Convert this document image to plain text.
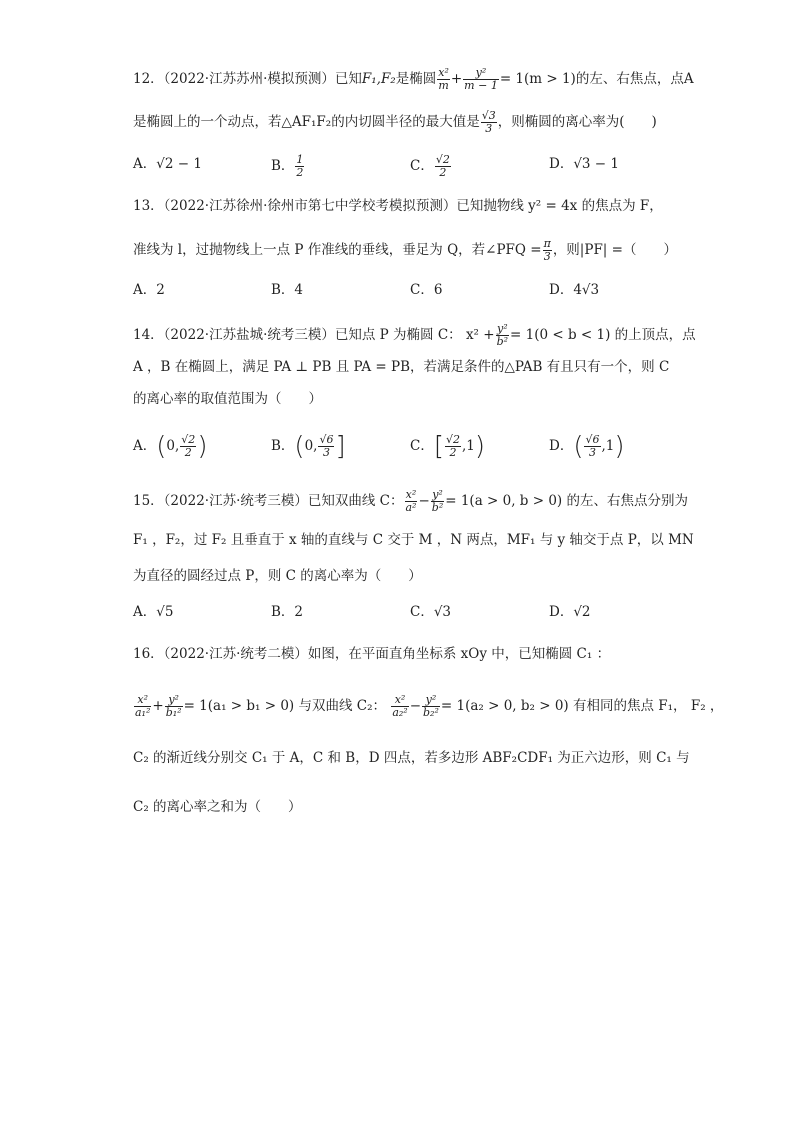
12．（2022·江苏苏州·模拟预测）已知F₁,F₂是椭圆 $\frac{\text{x²}}{m} + \frac{\text{y²}}{m - 1} = 1(m > 1)$的左、右焦点，点A
是椭圆上的一个动点，若△AF₁F₂的内切圆半径的最大值是 $\frac{√3}{3}$ ，则椭圆的离心率为(　　)
A．√2 − 1	B． $\frac{1}{2}$	C． $\frac{√2}{2}$	D．√3 − 1
13．（2022·江苏徐州·徐州市第七中学校考模拟预测）已知抛物线 y² = 4x 的焦点为 F，
准线为 l，过抛物线上一点 P 作准线的垂线，垂足为 Q，若∠PFQ = $\frac{\pi}{3}$ ，则|PF| =（　　）
A．2	B．4	C．6	D．4√3
14．（2022·江苏盐城·统考三模）已知点 P 为椭圆 C： $x^2 + \frac{\text{y²}}{\text{b²}} = 1(0 < b < 1)$ 的上顶点，点
A ，B 在椭圆上，满足 PA ⊥ PB 且 PA = PB，若满足条件的△PAB 有且只有一个，则 C
的离心率的取值范围为（　　）
A．(0, $\frac{√2}{2}$ )	B．(0, $\frac{√6}{3}$ ]	C．[ $\frac{√2}{2} ,1$)	D．( $\frac{√6}{3} ,1$)
15．（2022·江苏·统考三模）已知双曲线 C： $\frac{\text{x²}}{\text{a²}} - \frac{\text{y²}}{\text{b²}} = 1(a > 0$, b > 0) 的左、右焦点分别为
F₁ ，F₂，过 F₂ 且垂直于 x 轴的直线与 C 交于 M ，N 两点，MF₁ 与 y 轴交于点 P，以 MN
为直径的圆经过点 P，则 C 的离心率为（　　）
A．√5	B．2	C．√3	D．√2
16．（2022·江苏·统考二模）如图，在平面直角坐标系 xOy 中，已知椭圆 C₁ ：
$\frac{\text{x²}}{\text{a₁²}} + \frac{\text{y²}}{\text{b₁²}} = 1(a_1 > b_1 > 0)$ 与双曲线 C₂： $\frac{\text{x²}}{\text{a₂²}} - \frac{\text{y²}}{\text{b₂²}} = 1(a_2 > 0$, b₂ > 0) 有相同的焦点 F₁， F₂ ，
C₂ 的渐近线分别交 C₁ 于 A，C 和 B，D 四点，若多边形 ABF₂CDF₁ 为正六边形，则 C₁ 与
C₂ 的离心率之和为（　　）
